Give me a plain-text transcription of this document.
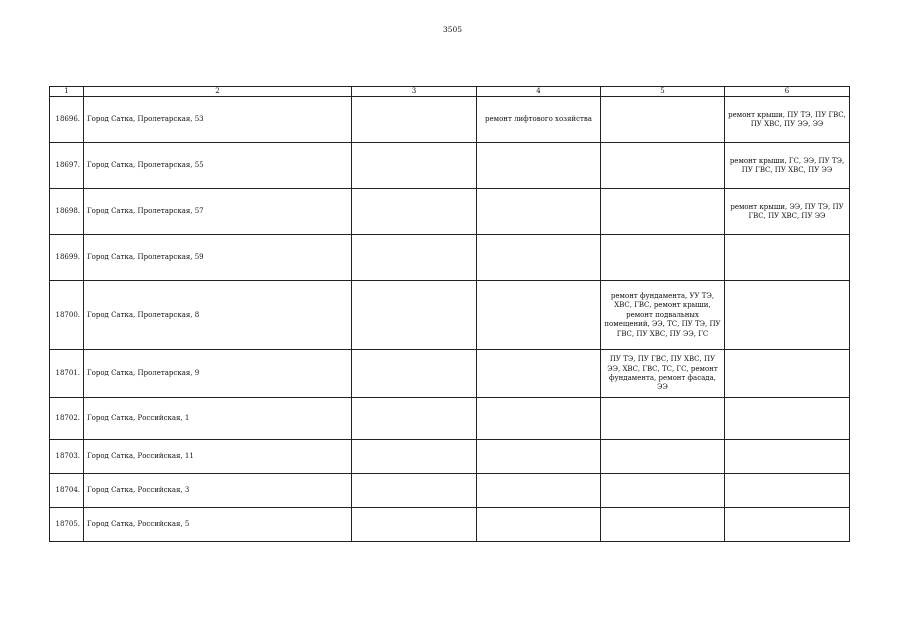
3505
1	2	3	4	5	6
18696.	Город Сатка, Пролетарская, 53		ремонт лифтового хозяйства		ремонт крыши, ПУ ТЭ, ПУ ГВС, ПУ ХВС, ПУ ЭЭ, ЭЭ
18697.	Город Сатка, Пролетарская, 55				ремонт крыши, ГС, ЭЭ, ПУ ТЭ, ПУ ГВС, ПУ ХВС, ПУ ЭЭ
18698.	Город Сатка, Пролетарская, 57				ремонт крыши, ЭЭ, ПУ ТЭ, ПУ ГВС, ПУ ХВС, ПУ ЭЭ
18699.	Город Сатка, Пролетарская, 59				
18700.	Город Сатка, Пролетарская, 8			ремонт фундамента, УУ ТЭ, ХВС, ГВС, ремонт крыши, ремонт подвальных помещений, ЭЭ, ТС, ПУ ТЭ, ПУ ГВС, ПУ ХВС, ПУ ЭЭ, ГС	
18701.	Город Сатка, Пролетарская, 9			ПУ ТЭ, ПУ ГВС, ПУ ХВС, ПУ ЭЭ, ХВС, ГВС, ТС, ГС, ремонт фундамента, ремонт фасада, ЭЭ	
18702.	Город Сатка, Российская, 1				
18703.	Город Сатка, Российская, 11				
18704.	Город Сатка, Российская, 3				
18705.	Город Сатка, Российская, 5				
